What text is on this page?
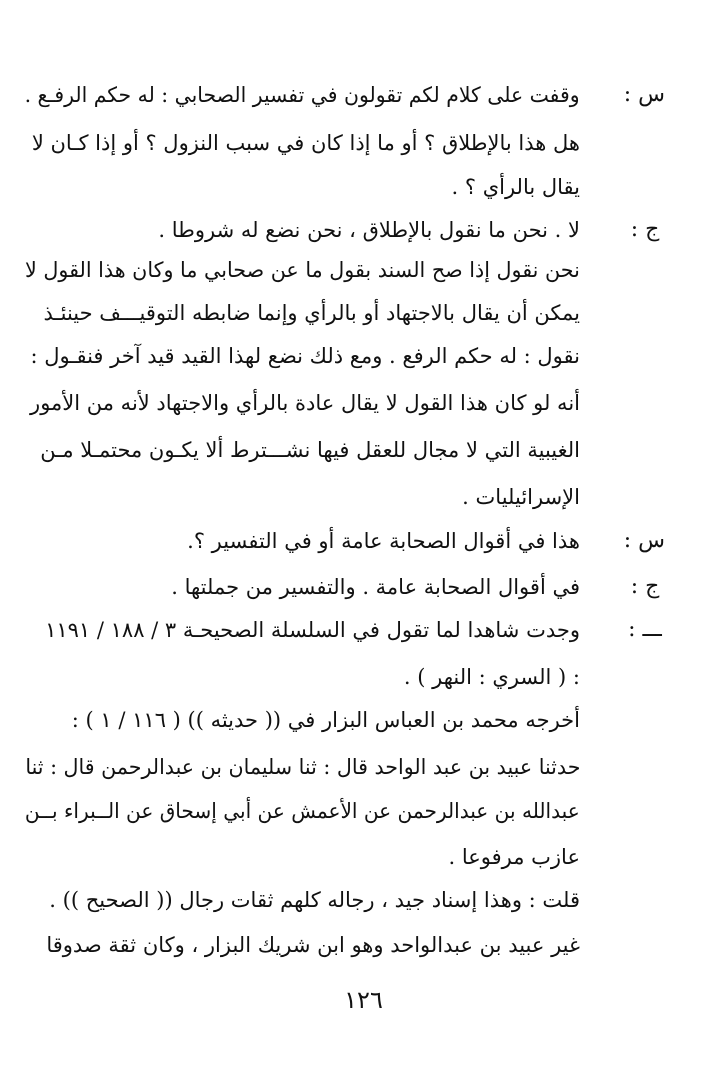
س :
وقفت على كلام لكم تقولون في تفسير الصحابي : له حكم الرفـع .
هل هذا بالإطلاق ؟ أو ما إذا كان في سبب النزول ؟ أو إذا كـان لا
يقال بالرأي ؟ .
ج :
لا . نحن ما نقول بالإطلاق ، نحن نضع له شروطا .
نحن نقول إذا صح السند بقول ما عن صحابي ما وكان هذا القول لا
يمكن أن يقال بالاجتهاد أو بالرأي وإنما ضابطه التوقيـــف حينئـذ
نقول : له حكم الرفع . ومع ذلك نضع لهذا القيد قيد آخر فنقـول :
أنه لو كان هذا القول لا يقال عادة بالرأي والاجتهاد لأنه من الأمور
الغيبية التي لا مجال للعقل فيها نشـــترط ألا يكـون محتمـلا مـن
الإسرائيليات .
س :
هذا في أقوال الصحابة عامة أو في التفسير ؟.
ج :
في أقوال الصحابة عامة . والتفسير من جملتها .
ـــ :
وجدت شاهدا لما تقول في السلسلة الصحيحـة ٣ / ١٨٨ / ١١٩١
: ( السري : النهر ) .
أخرجه محمد بن العباس البزار في (( حديثه )) ( ١١٦ / ١ ) :
حدثنا عبيد بن عبد الواحد قال : ثنا سليمان بن عبدالرحمن قال : ثنا
عبدالله بن عبدالرحمن عن الأعمش عن أبي إسحاق عن الــبراء بــن
عازب مرفوعا .
قلت : وهذا إسناد جيد ، رجاله كلهم ثقات رجال (( الصحيح )) .
غير عبيد بن عبدالواحد وهو ابن شريك البزار ، وكان ثقة صدوقا
١٢٦
